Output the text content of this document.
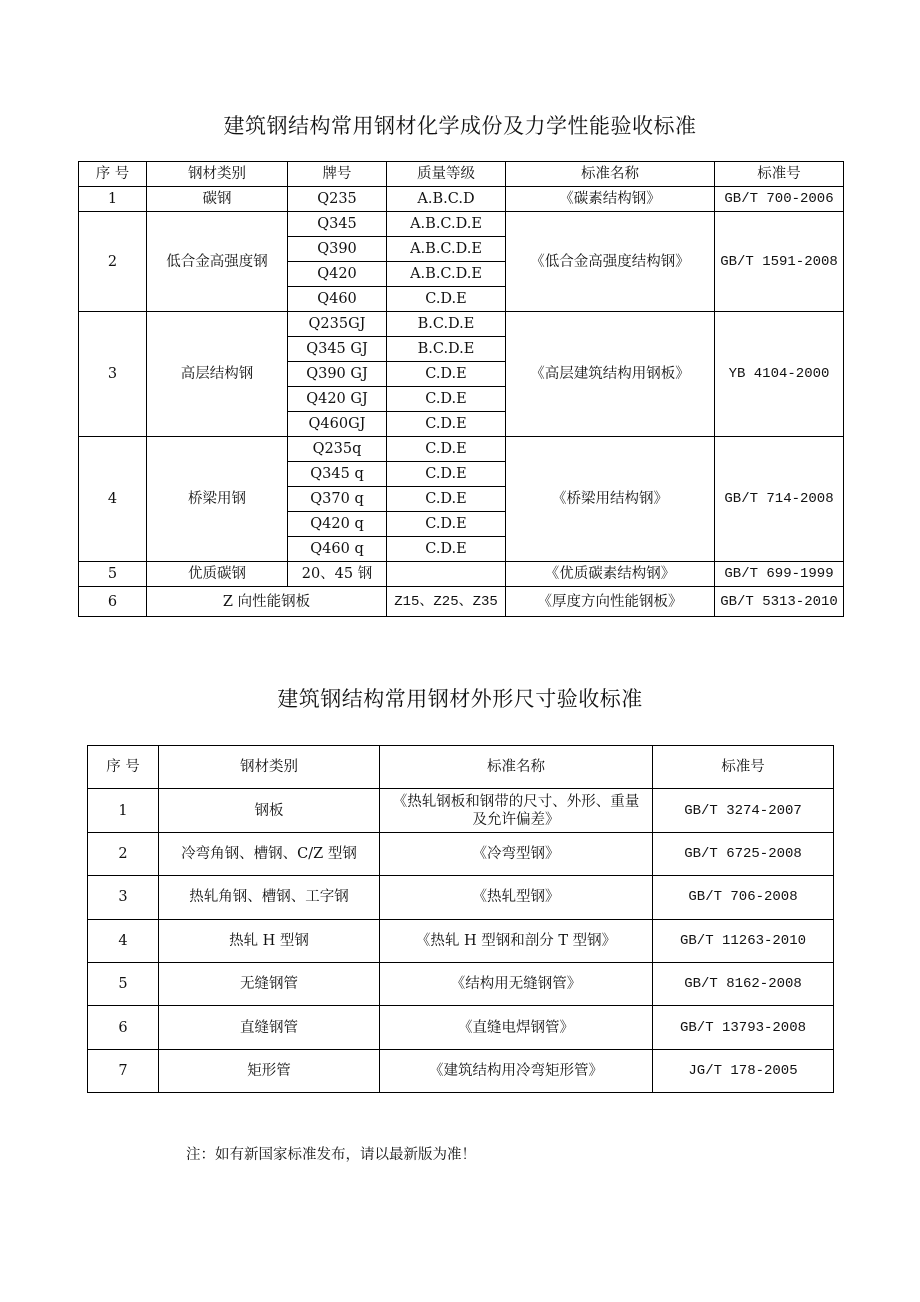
建筑钢结构常用钢材化学成份及力学性能验收标准
序 号	钢材类别	牌号	质量等级	标准名称	标准号
1	碳钢	Q235	A.B.C.D	《碳素结构钢》	GB/T 700-2006
2	低合金高强度钢	Q345	A.B.C.D.E	《低合金高强度结构钢》	GB/T 1591-2008
		Q390	A.B.C.D.E		
		Q420	A.B.C.D.E		
		Q460	C.D.E		
3	高层结构钢	Q235GJ	B.C.D.E	《高层建筑结构用钢板》	YB 4104-2000
		Q345 GJ	B.C.D.E		
		Q390 GJ	C.D.E		
		Q420 GJ	C.D.E		
		Q460GJ	C.D.E		
4	桥梁用钢	Q235q	C.D.E	《桥梁用结构钢》	GB/T 714-2008
		Q345 q	C.D.E		
		Q370 q	C.D.E		
		Q420 q	C.D.E		
		Q460 q	C.D.E		
5	优质碳钢	20、45 钢		《优质碳素结构钢》	GB/T 699-1999
6	Z 向性能钢板		Z15、Z25、Z35	《厚度方向性能钢板》	GB/T 5313-2010
建筑钢结构常用钢材外形尺寸验收标准
序 号	钢材类别	标准名称	标准号
1	钢板	《热轧钢板和钢带的尺寸、外形、重量及允许偏差》	GB/T 3274-2007
2	冷弯角钢、槽钢、C/Z 型钢	《冷弯型钢》	GB/T 6725-2008
3	热轧角钢、槽钢、工字钢	《热轧型钢》	GB/T 706-2008
4	热轧 H 型钢	《热轧 H 型钢和剖分 T 型钢》	GB/T 11263-2010
5	无缝钢管	《结构用无缝钢管》	GB/T 8162-2008
6	直缝钢管	《直缝电焊钢管》	GB/T 13793-2008
7	矩形管	《建筑结构用冷弯矩形管》	JG/T 178-2005
注：如有新国家标准发布，请以最新版为准！
